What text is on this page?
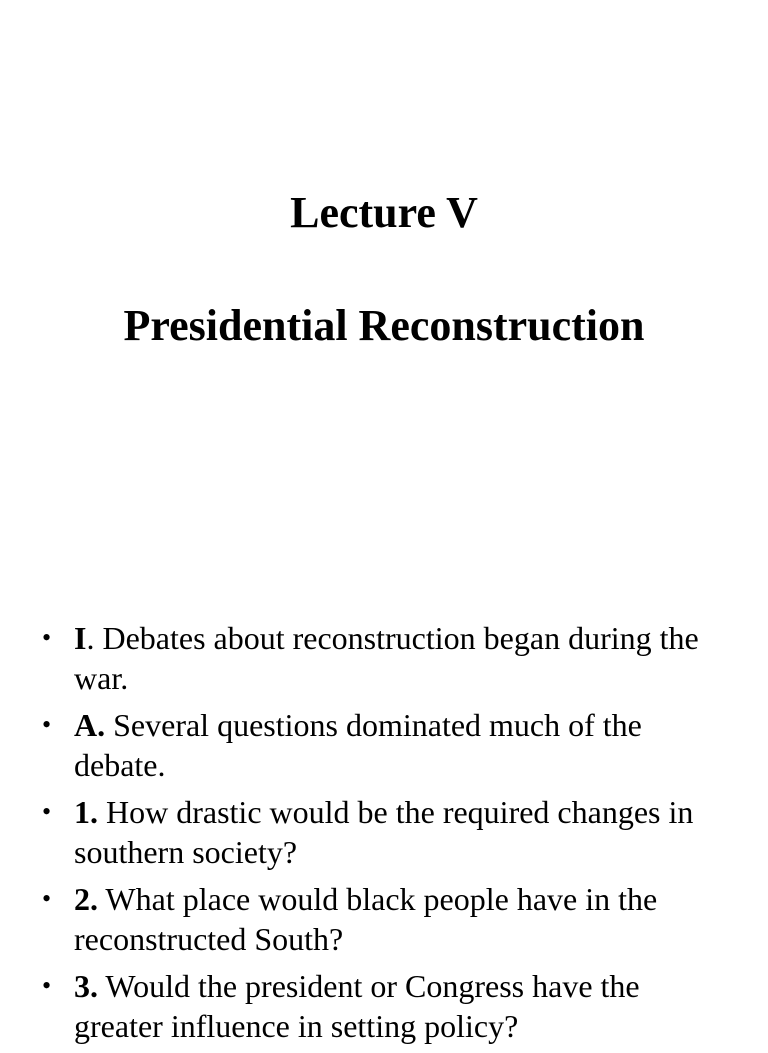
Lecture V
Presidential Reconstruction
• I. Debates about reconstruction began during the war.
• A. Several questions dominated much of the debate.
• 1. How drastic would be the required changes in southern society?
• 2. What place would black people have in the reconstructed South?
• 3. Would the president or Congress have the greater influence in setting policy?
